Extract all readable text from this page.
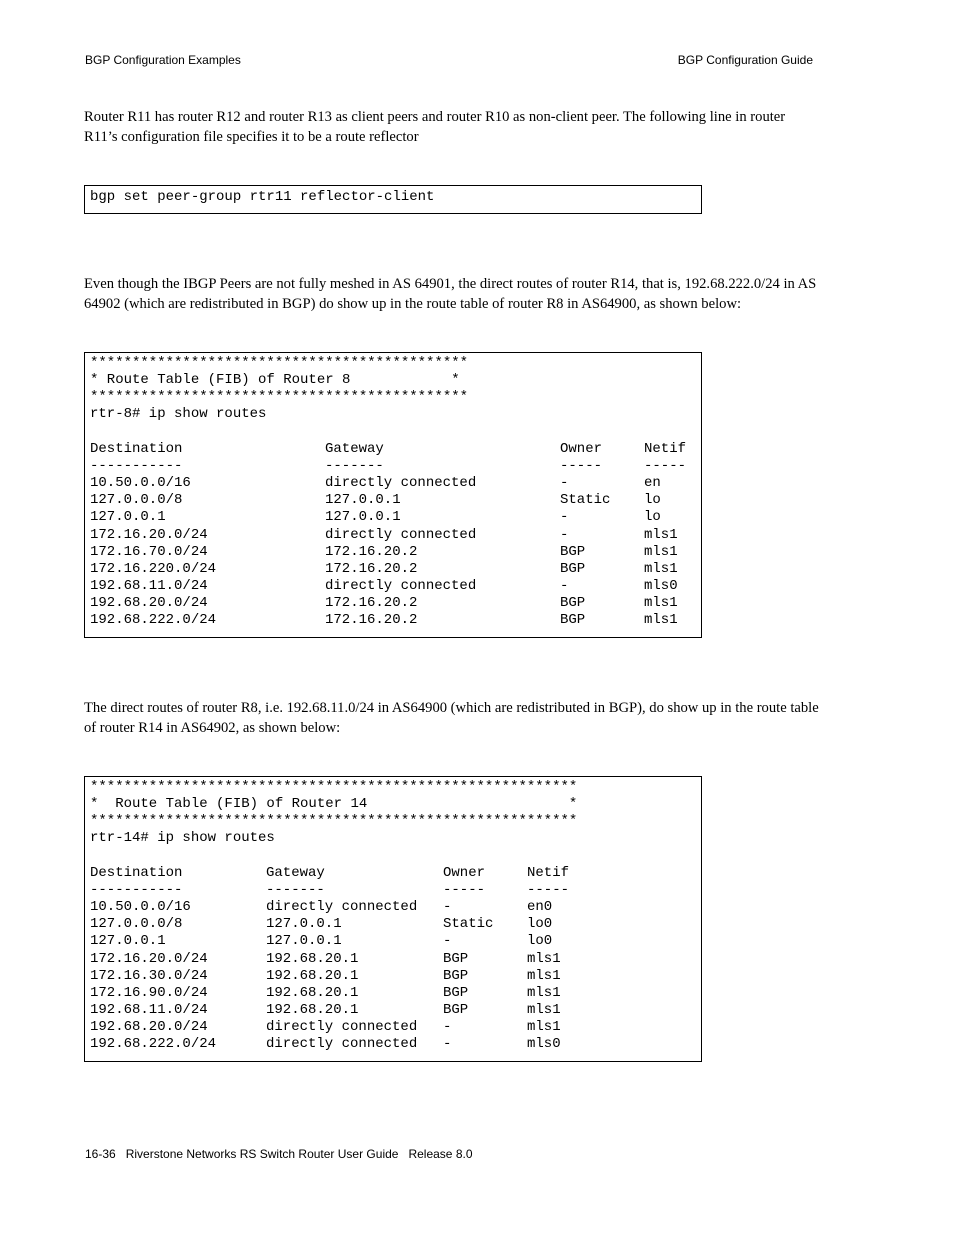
BGP Configuration Examples	BGP Configuration Guide

Router R11 has router R12 and router R13 as client peers and router R10 as non-client peer. The following line in router R11’s configuration file specifies it to be a route reflector

bgp set peer-group rtr11 reflector-client

Even though the IBGP Peers are not fully meshed in AS 64901, the direct routes of router R14, that is, 192.68.222.0/24 in AS 64902 (which are redistributed in BGP) do show up in the route table of router R8 in AS64900, as shown below:

*********************************************
* Route Table (FIB) of Router 8            *
*********************************************
rtr-8# ip show routes
Destination	Gateway	Owner	Netif
-----------	-------	-----	-----
10.50.0.0/16	directly connected	-	en
127.0.0.0/8	127.0.0.1	Static lo
127.0.0.1	127.0.0.1	-	lo
172.16.20.0/24	directly connected	-	mls1
172.16.70.0/24	172.16.20.2	BGP	mls1
172.16.220.0/24	172.16.20.2	BGP	mls1
192.68.11.0/24	directly connected	-	mls0
192.68.20.0/24	172.16.20.2	BGP	mls1
192.68.222.0/24	172.16.20.2	BGP	mls1

The direct routes of router R8, i.e. 192.68.11.0/24 in AS64900 (which are redistributed in BGP), do show up in the route table of router R14 in AS64902, as shown below:

**********************************************************
*  Route Table (FIB) of Router 14                        *
**********************************************************
rtr-14# ip show routes
Destination	Gateway	Owner	Netif
-----------	-------	-----	-----
10.50.0.0/16	directly connected -	en0
127.0.0.0/8	127.0.0.1	Static lo0
127.0.0.1	127.0.0.1	-	lo0
172.16.20.0/24	192.68.20.1	BGP	mls1
172.16.30.0/24	192.68.20.1	BGP	mls1
172.16.90.0/24	192.68.20.1	BGP	mls1
192.68.11.0/24	192.68.20.1	BGP	mls1
192.68.20.0/24	directly connected -	mls1
192.68.222.0/24	directly connected -	mls0
16-36   Riverstone Networks RS Switch Router User Guide   Release 8.0
